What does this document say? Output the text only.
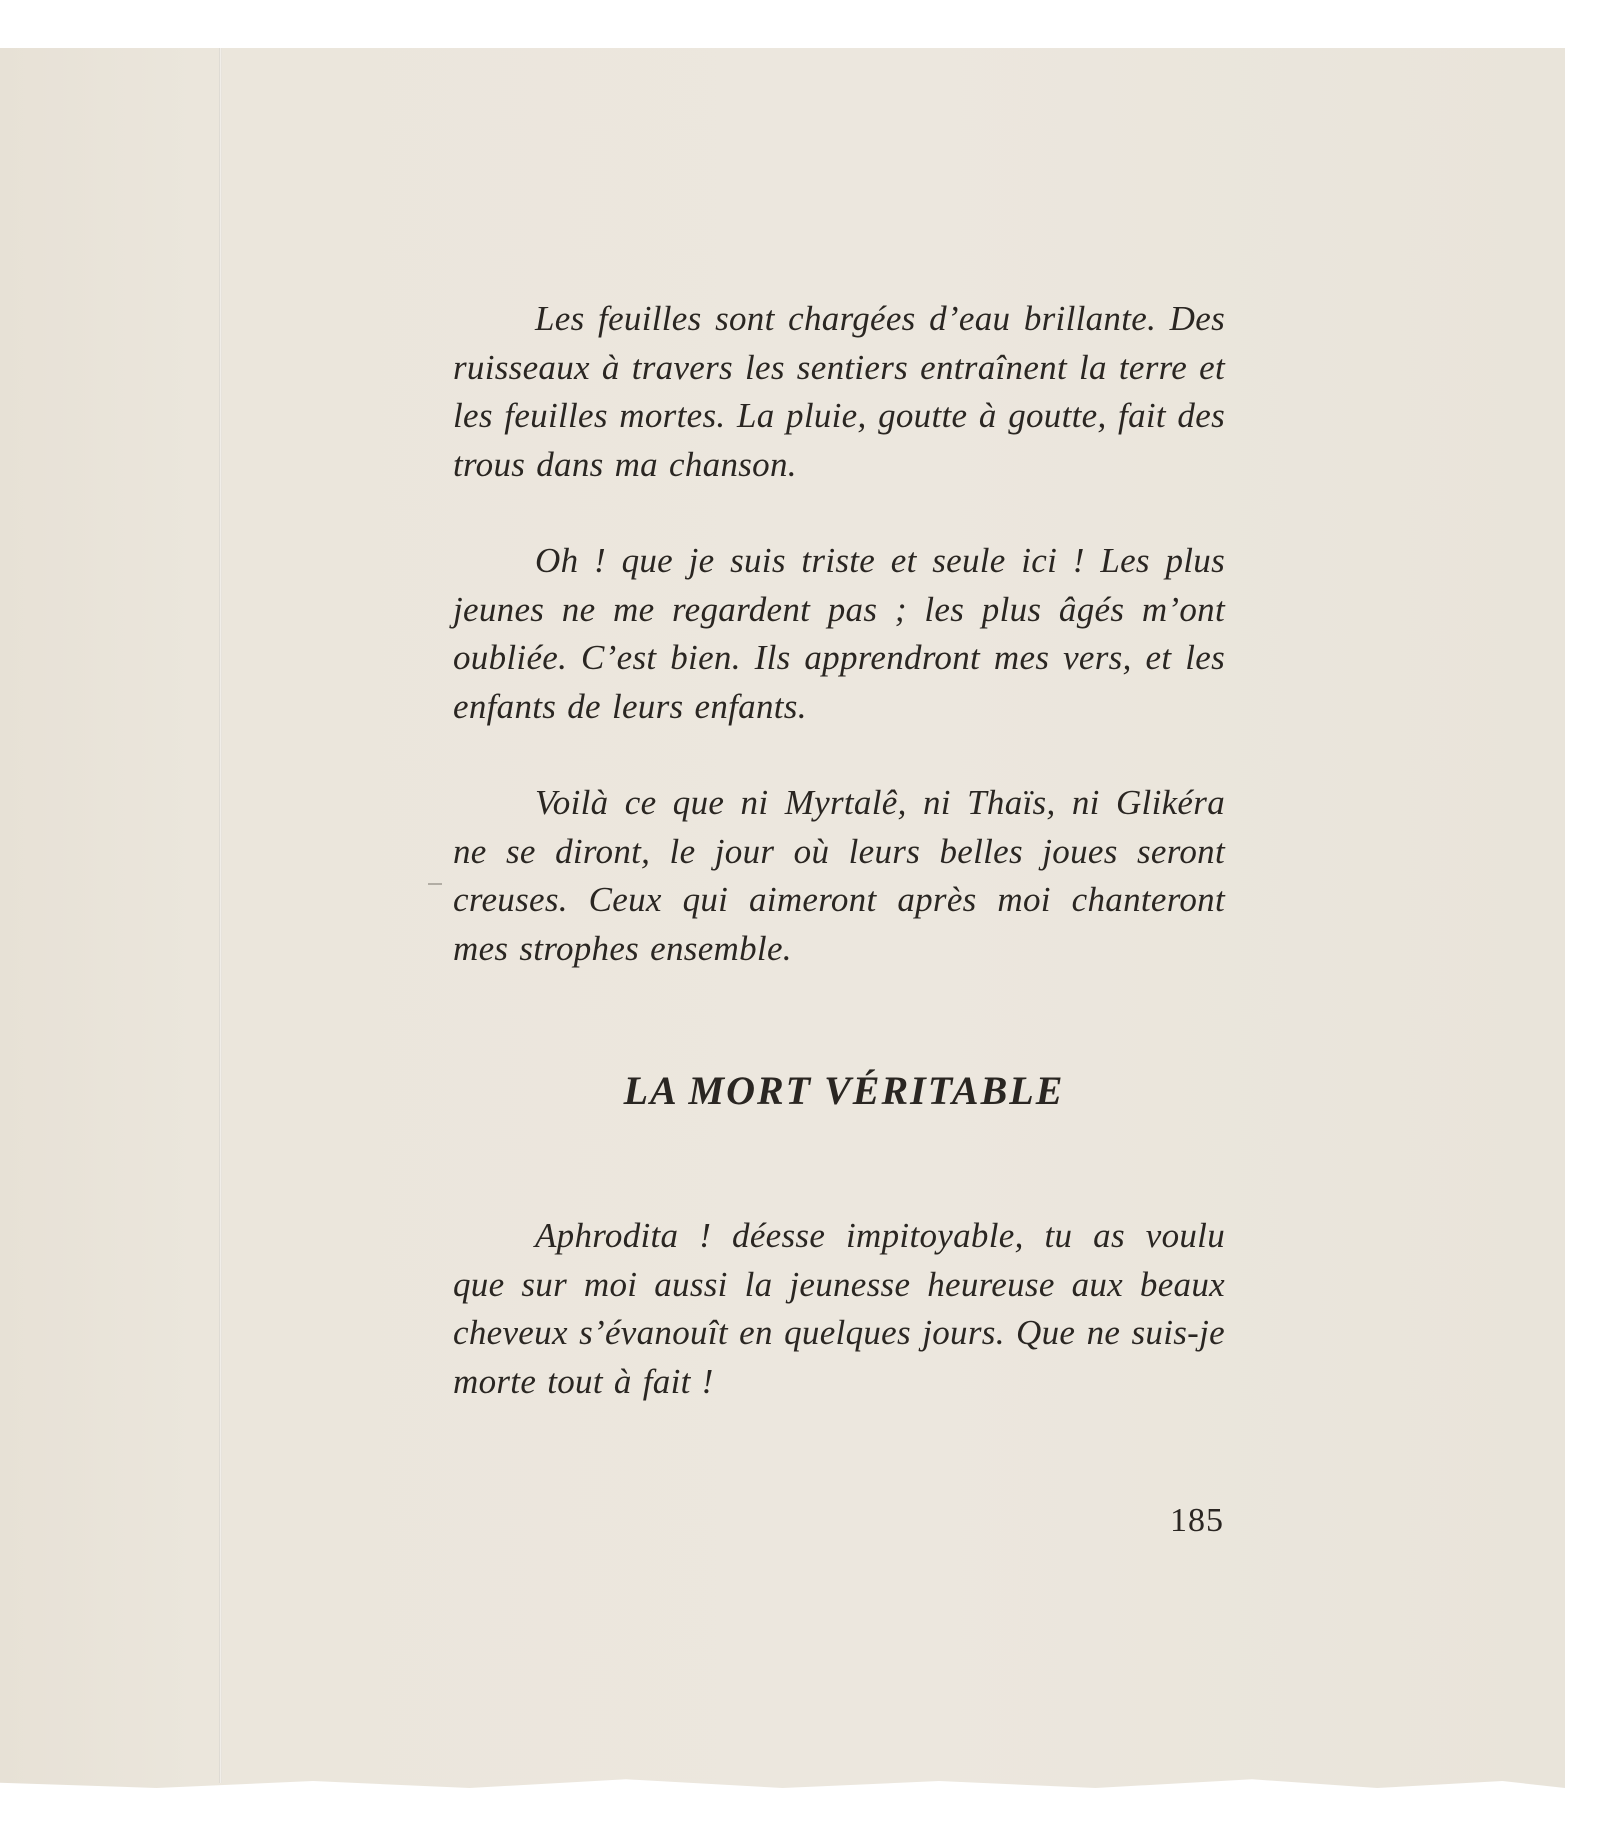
Les feuilles sont chargées d’eau brillante. Des ruisseaux à travers les sentiers entraînent la terre et les feuilles mortes. La pluie, goutte à goutte, fait des trous dans ma chanson.

Oh ! que je suis triste et seule ici ! Les plus jeunes ne me regardent pas ; les plus âgés m’ont oubliée. C’est bien. Ils apprendront mes vers, et les enfants de leurs enfants.

Voilà ce que ni Myrtalê, ni Thaïs, ni Glikéra ne se diront, le jour où leurs belles joues seront creuses. Ceux qui aimeront après moi chanteront mes strophes ensemble.

LA MORT VÉRITABLE

Aphrodita ! déesse impitoyable, tu as voulu que sur moi aussi la jeunesse heureuse aux beaux cheveux s’évanouît en quelques jours. Que ne suis-je morte tout à fait !

185
